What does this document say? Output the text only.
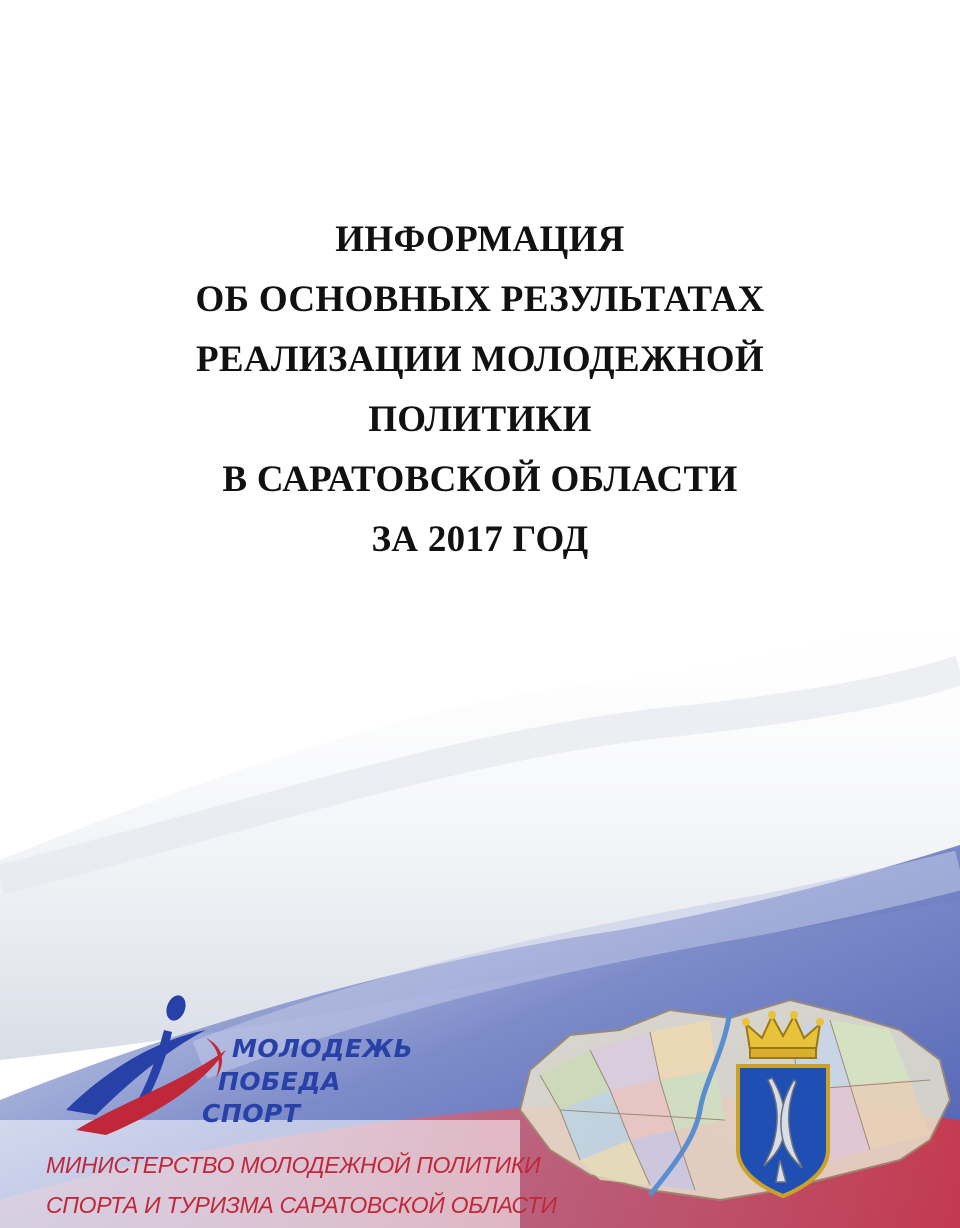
ИНФОРМАЦИЯ
ОБ ОСНОВНЫХ РЕЗУЛЬТАТАХ
РЕАЛИЗАЦИИ МОЛОДЕЖНОЙ
ПОЛИТИКИ
В САРАТОВСКОЙ ОБЛАСТИ
ЗА 2017 ГОД
МОЛОДЕЖЬ
ПОБЕДА
СПОРТ
МИНИСТЕРСТВО МОЛОДЕЖНОЙ ПОЛИТИКИ
СПОРТА И ТУРИЗМА САРАТОВСКОЙ ОБЛАСТИ
